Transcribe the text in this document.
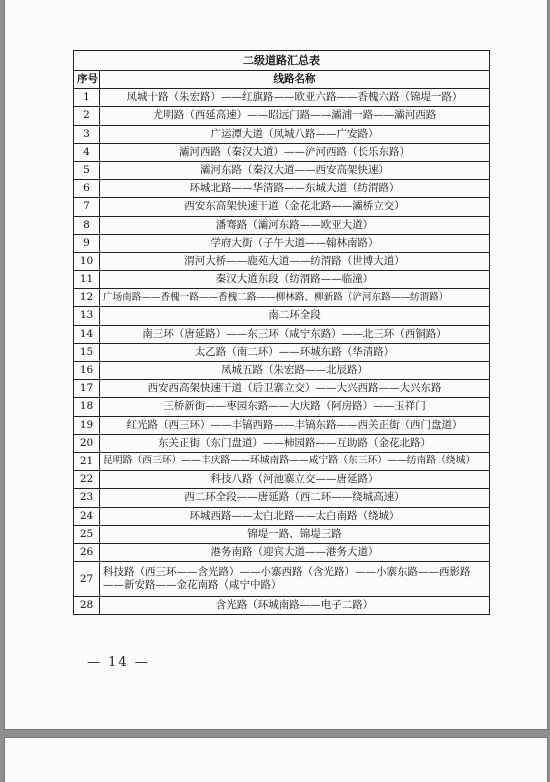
二级道路汇总表	
序号	线路名称
1	凤城十路（朱宏路）——红旗路——欧亚六路——香槐六路（锦堤一路）
2	尤明路（西延高速）——昭远门路——灞浦一路——灞河西路
3	广运潭大道（凤城八路——广安路）
4	灞河西路（秦汉大道）——浐河西路（长乐东路）
5	灞河东路（秦汉大道——西安高架快速）
6	环城北路——华清路——东城大道（纺渭路）
7	西安东高架快速干道（金花北路——灞桥立交）
8	潘骞路（灞河东路——欧亚大道）
9	学府大街（子午大道——翰林南路）
10	渭河大桥——鹿苑大道——纺渭路（世博大道）
11	秦汉大道东段（纺渭路——临潼）
12	广场南路——香槐一路——香槐二路——柳林路、柳新路（浐河东路——纺渭路）
13	南二环全段
14	南三环（唐延路）——东三环（咸宁东路）——北三环（西铜路）
15	太乙路（南二环）——环城东路（华清路）
16	凤城五路（朱宏路——北辰路）
17	西安西高架快速干道（后卫寨立交）——大兴西路——大兴东路
18	三桥新街——枣园东路——大庆路（阿房路）——玉祥门
19	红光路（西三环）——丰镐西路——丰镐东路——西关正街（西门盘道）
20	东关正街（东门盘道）——柿园路——互助路（金花北路）
21	昆明路（西三环）——丰庆路——环城南路——咸宁路（东三环）——纺南路（绕城）
22	科技八路（河池寨立交——唐延路）
23	西二环全段——唐延路（西二环——绕城高速）
24	环城西路——太白北路——太白南路（绕城）
25	锦堤一路、锦堤三路
26	港务南路（迎宾大道——港务大道）
27	科技路（西三环——含光路）——小寨西路（含光路）——小寨东路——西影路——新安路——金花南路（咸宁中路）
28	含光路（环城南路——电子二路）
— 14 —
